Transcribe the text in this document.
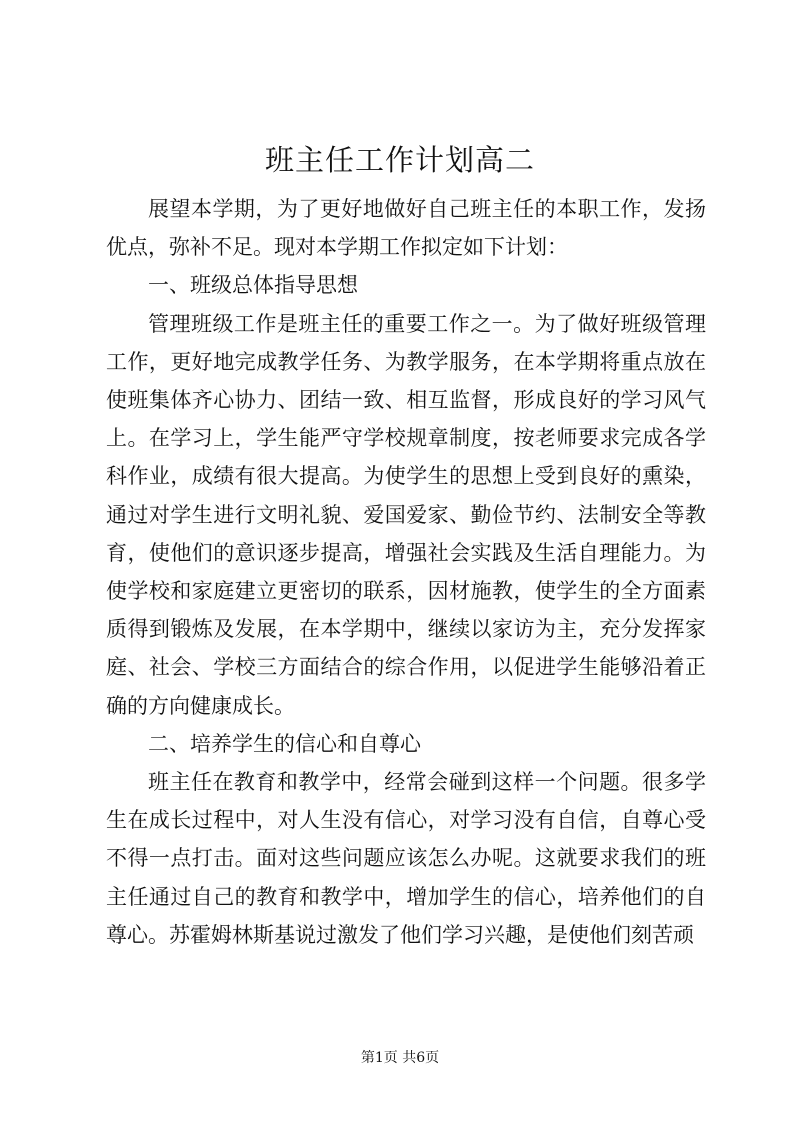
班主任工作计划高二

展望本学期，为了更好地做好自己班主任的本职工作，发扬优点，弥补不足。现对本学期工作拟定如下计划：

一、班级总体指导思想

管理班级工作是班主任的重要工作之一。为了做好班级管理工作，更好地完成教学任务、为教学服务，在本学期将重点放在使班集体齐心协力、团结一致、相互监督，形成良好的学习风气上。在学习上，学生能严守学校规章制度，按老师要求完成各学科作业，成绩有很大提高。为使学生的思想上受到良好的熏染，通过对学生进行文明礼貌、爱国爱家、勤俭节约、法制安全等教育，使他们的意识逐步提高，增强社会实践及生活自理能力。为使学校和家庭建立更密切的联系，因材施教，使学生的全方面素质得到锻炼及发展，在本学期中，继续以家访为主，充分发挥家庭、社会、学校三方面结合的综合作用，以促进学生能够沿着正确的方向健康成长。

二、培养学生的信心和自尊心

班主任在教育和教学中，经常会碰到这样一个问题。很多学生在成长过程中，对人生没有信心，对学习没有自信，自尊心受不得一点打击。面对这些问题应该怎么办呢。这就要求我们的班主任通过自己的教育和教学中，增加学生的信心，培养他们的自尊心。苏霍姆林斯基说过激发了他们学习兴趣，是使他们刻苦顽

第1页 共6页
